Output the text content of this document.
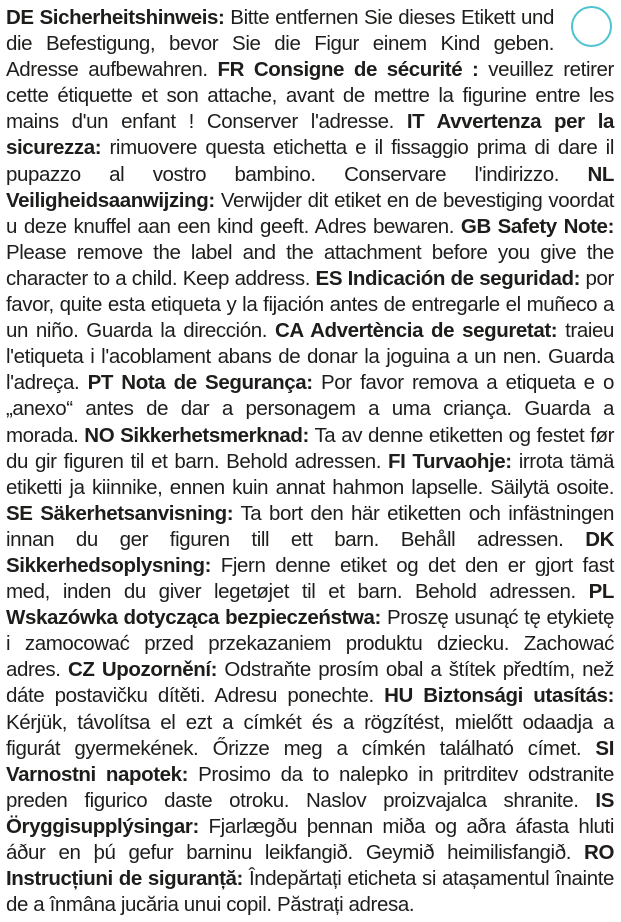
DE Sicherheitshinweis: Bitte entfernen Sie dieses Etikett und die Befestigung, bevor Sie die Figur einem Kind geben. Adresse aufbewahren. FR Consigne de sécurité : veuillez retirer cette étiquette et son attache, avant de mettre la figurine entre les mains d'un enfant ! Conserver l'adresse. IT Avvertenza per la sicurezza: rimuovere questa etichetta e il fissaggio prima di dare il pupazzo al vostro bambino. Conservare l'indirizzo. NL Veiligheidsaanwijzing: Verwijder dit etiket en de bevestiging voordat u deze knuffel aan een kind geeft. Adres bewaren. GB Safety Note: Please remove the label and the attachment before you give the character to a child. Keep address. ES Indicación de seguridad: por favor, quite esta etiqueta y la fijación antes de entregarle el muñeco a un niño. Guarda la dirección. CA Advertència de seguretat: traieu l'etiqueta i l'acoblament abans de donar la joguina a un nen. Guarda l'adreça. PT Nota de Segurança: Por favor remova a etiqueta e o „anexo“ antes de dar a personagem a uma criança. Guarda a morada. NO Sikkerhetsmerknad: Ta av denne etiketten og festet før du gir figuren til et barn. Behold adressen. FI Turvaohje: irrota tämä etiketti ja kiinnike, ennen kuin annat hahmon lapselle. Säilytä osoite. SE Säkerhetsanvisning: Ta bort den här etiketten och infästningen innan du ger figuren till ett barn. Behåll adressen. DK Sikkerhedsoplysning: Fjern denne etiket og det den er gjort fast med, inden du giver legetøjet til et barn. Behold adressen. PL Wskazówka dotycząca bezpieczeństwa: Proszę usunąć tę etykietę i zamocować przed przekazaniem produktu dziecku. Zachować adres. CZ Upozornění: Odstraňte prosím obal a štítek předtím, než dáte postavičku dítěti. Adresu ponechte. HU Biztonsági utasítás: Kérjük, távolítsa el ezt a címkét és a rögzítést, mielőtt odaadja a figurát gyermekének. Őrizze meg a címkén található címet. SI Varnostni napotek: Prosimo da to nalepko in pritrditev odstranite preden figurico daste otroku. Naslov proizvajalca shranite. IS Öryggisupplýsingar: Fjarlægðu þennan miða og aðra áfasta hluti áður en þú gefur barninu leikfangið. Geymið heimilisfangið. RO Instrucțiuni de siguranță: Îndepărtați eticheta si atașamentul înainte de a înmâna jucăria unui copil. Păstrați adresa.
